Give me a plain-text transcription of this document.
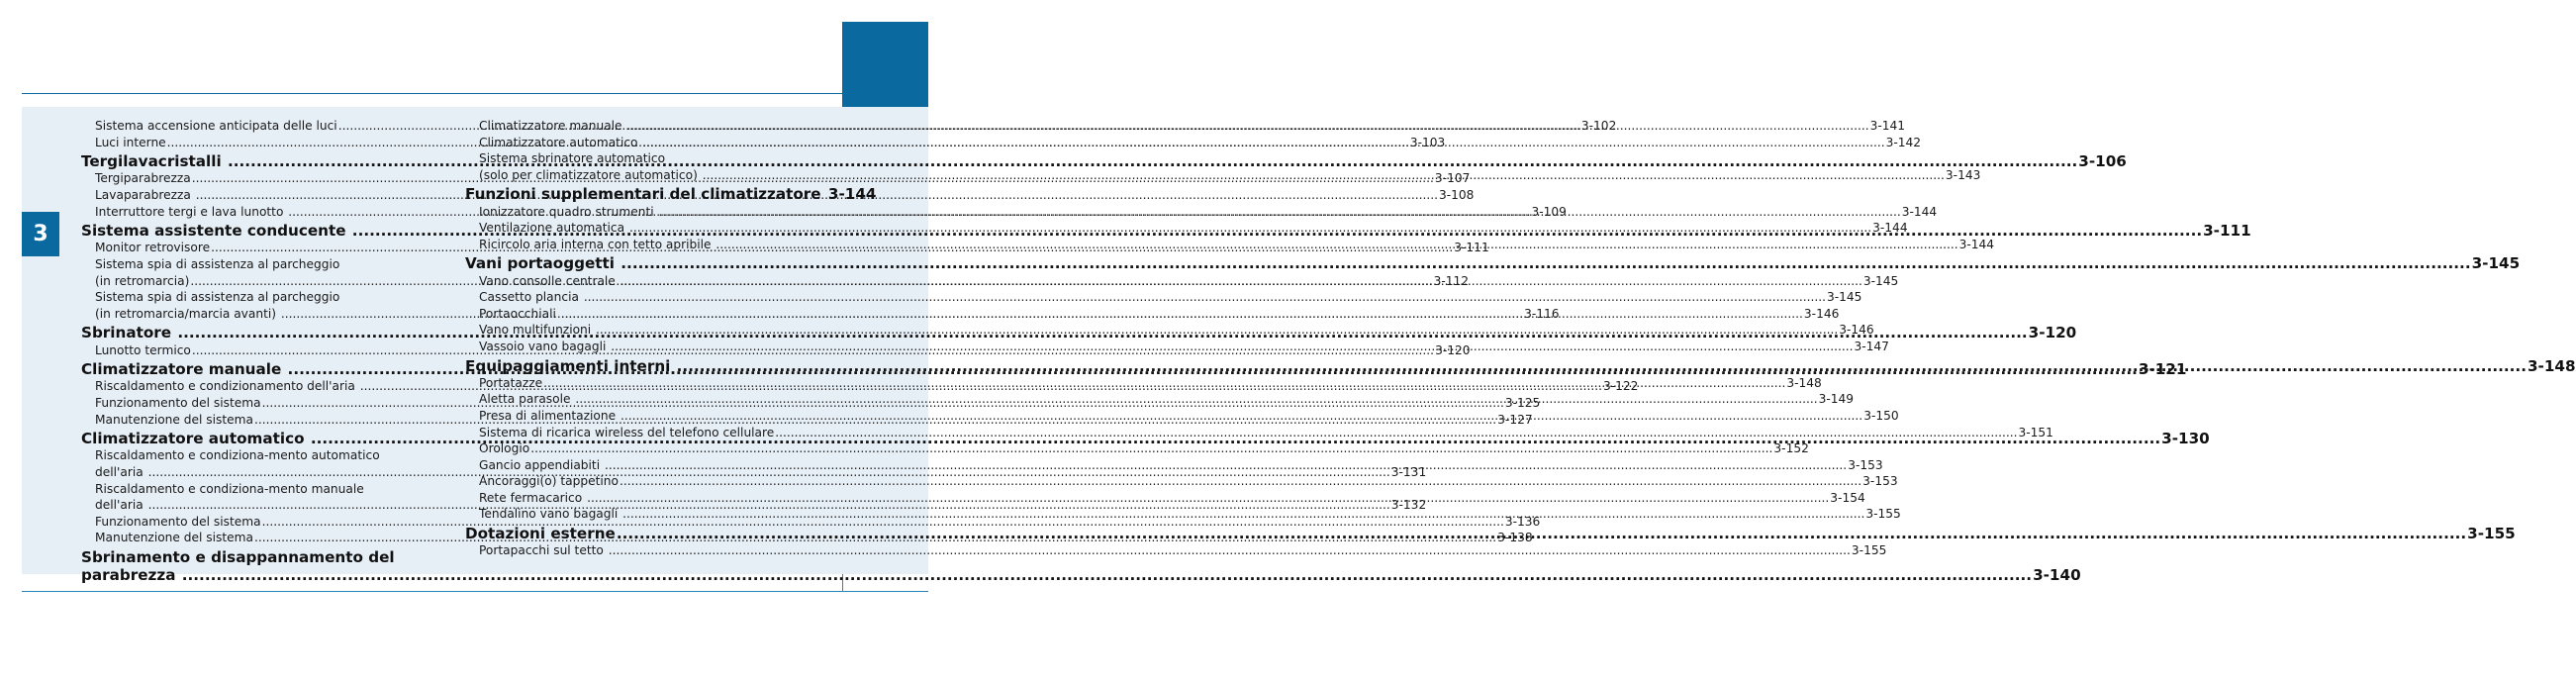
3
Sistema accensione anticipata delle luci .....	3-102
Luci interne .....	3-103
Tergilavacristalli .....	3-106
Tergiparabrezza .....	3-107
Lavaparabrezza .....	3-108
Interruttore tergi e lava lunotto .....	3-109
Sistema assistente conducente .....	3-111
Monitor retrovisore .....	3-111
Sistema spia di assistenza al parcheggio
(in retromarcia) .....	3-112
Sistema spia di assistenza al parcheggio
(in retromarcia/marcia avanti) .....	3-116
Sbrinatore .....	3-120
Lunotto termico .....	3-120
Climatizzatore manuale .....	3-121
Riscaldamento e condizionamento dell'aria .....	3-122
Funzionamento del sistema .....	3-125
Manutenzione del sistema .....	3-127
Climatizzatore automatico .....	3-130
Riscaldamento e condiziona-mento automatico
dell'aria .....	3-131
Riscaldamento e condiziona-mento manuale
dell'aria .....	3-132
Funzionamento del sistema .....	3-136
Manutenzione del sistema .....	3-138
Sbrinamento e disappannamento del
parabrezza .....	3-140
Climatizzatore manuale .....	3-141
Climatizzatore automatico .....	3-142
Sistema sbrinatore automatico
(solo per climatizzatore automatico) .....	3-143
Funzioni supplementari del climatizzatore 3-144
Ionizzatore quadro strumenti .....	3-144
Ventilazione automatica .....	3-144
Ricircolo aria interna con tetto apribile .....	3-144
Vani portaoggetti .....	3-145
Vano consolle centrale .....	3-145
Cassetto plancia .....	3-145
Portaocchiali .....	3-146
Vano multifunzioni .....	3-146
Vassoio vano bagagli .....	3-147
Equipaggiamenti interni .....	3-148
Portatazze .....	3-148
Aletta parasole .....	3-149
Presa di alimentazione .....	3-150
Sistema di ricarica wireless del telefono cellulare .....	3-151
Orologio .....	3-152
Gancio appendiabiti .....	3-153
Ancoraggi(o) tappetino .....	3-153
Rete fermacarico .....	3-154
Tendalino vano bagagli .....	3-155
Dotazioni esterne .....	3-155
Portapacchi sul tetto .....	3-155
